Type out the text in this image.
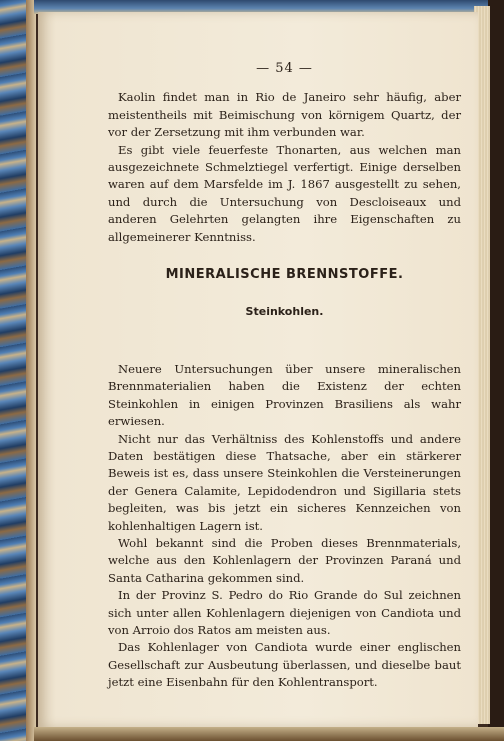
— 54 —

Kaolin findet man in Rio de Janeiro sehr häufig, aber meistentheils mit Beimischung von körnigem Quartz, der vor der Zersetzung mit ihm verbunden war.

Es gibt viele feuerfeste Thonarten, aus welchen man ausgezeichnete Schmelztiegel verfertigt. Einige derselben waren auf dem Marsfelde im J. 1867 ausgestellt zu sehen, und durch die Untersuchung von Descloiseaux und anderen Gelehrten gelangten ihre Eigenschaften zu allgemeinerer Kenntniss.

MINERALISCHE BRENNSTOFFE.
Steinkohlen.

Neuere Untersuchungen über unsere mineralischen Brennmaterialien haben die Existenz der echten Steinkohlen in einigen Provinzen Brasiliens als wahr erwiesen.

Nicht nur das Verhältniss des Kohlenstoffs und andere Daten bestätigen diese Thatsache, aber ein stärkerer Beweis ist es, dass unsere Steinkohlen die Versteinerungen der Genera Calamite, Lepidodendron und Sigillaria stets begleiten, was bis jetzt ein sicheres Kennzeichen von kohlenhaltigen Lagern ist.

Wohl bekannt sind die Proben dieses Brennmaterials, welche aus den Kohlenlagern der Provinzen Paraná und Santa Catharina gekommen sind.

In der Provinz S. Pedro do Rio Grande do Sul zeichnen sich unter allen Kohlenlagern diejenigen von Candiota und von Arroio dos Ratos am meisten aus.

Das Kohlenlager von Candiota wurde einer englischen Gesellschaft zur Ausbeutung überlassen, und dieselbe baut jetzt eine Eisenbahn für den Kohlentransport.
